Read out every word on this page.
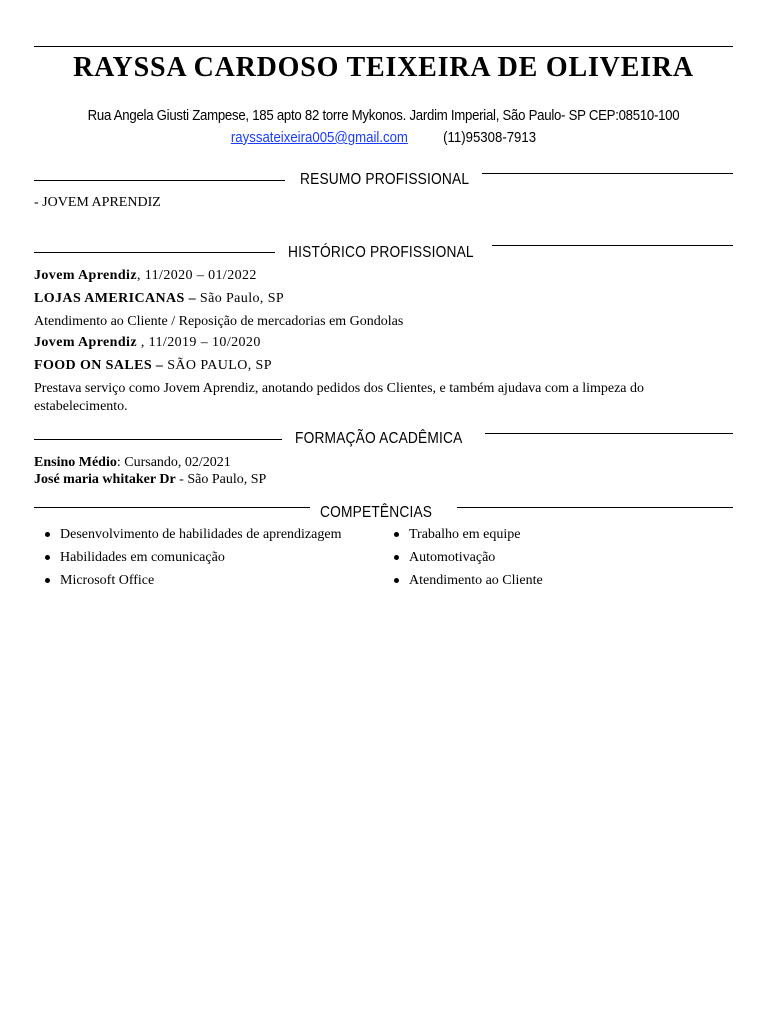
RAYSSA CARDOSO TEIXEIRA DE OLIVEIRA
Rua Angela Giusti Zampese, 185 apto 82 torre Mykonos. Jardim Imperial, São Paulo- SP CEP:08510-100
rayssateixeira005@gmail.com (11)95308-7913
RESUMO PROFISSIONAL
- JOVEM APRENDIZ
HISTÓRICO PROFISSIONAL
Jovem Aprendiz, 11/2020 – 01/2022
LOJAS AMERICANAS – São Paulo, SP
Atendimento ao Cliente / Reposição de mercadorias em Gondolas
Jovem Aprendiz , 11/2019 – 10/2020
FOOD ON SALES – SÃO PAULO, SP
Prestava serviço como Jovem Aprendiz, anotando pedidos dos Clientes, e também ajudava com a limpeza do estabelecimento.
FORMAÇÃO ACADÊMICA
Ensino Médio: Cursando, 02/2021
José maria whitaker Dr - São Paulo, SP
COMPETÊNCIAS
Desenvolvimento de habilidades de aprendizagem
Habilidades em comunicação
Microsoft Office
Trabalho em equipe
Automotivação
Atendimento ao Cliente
